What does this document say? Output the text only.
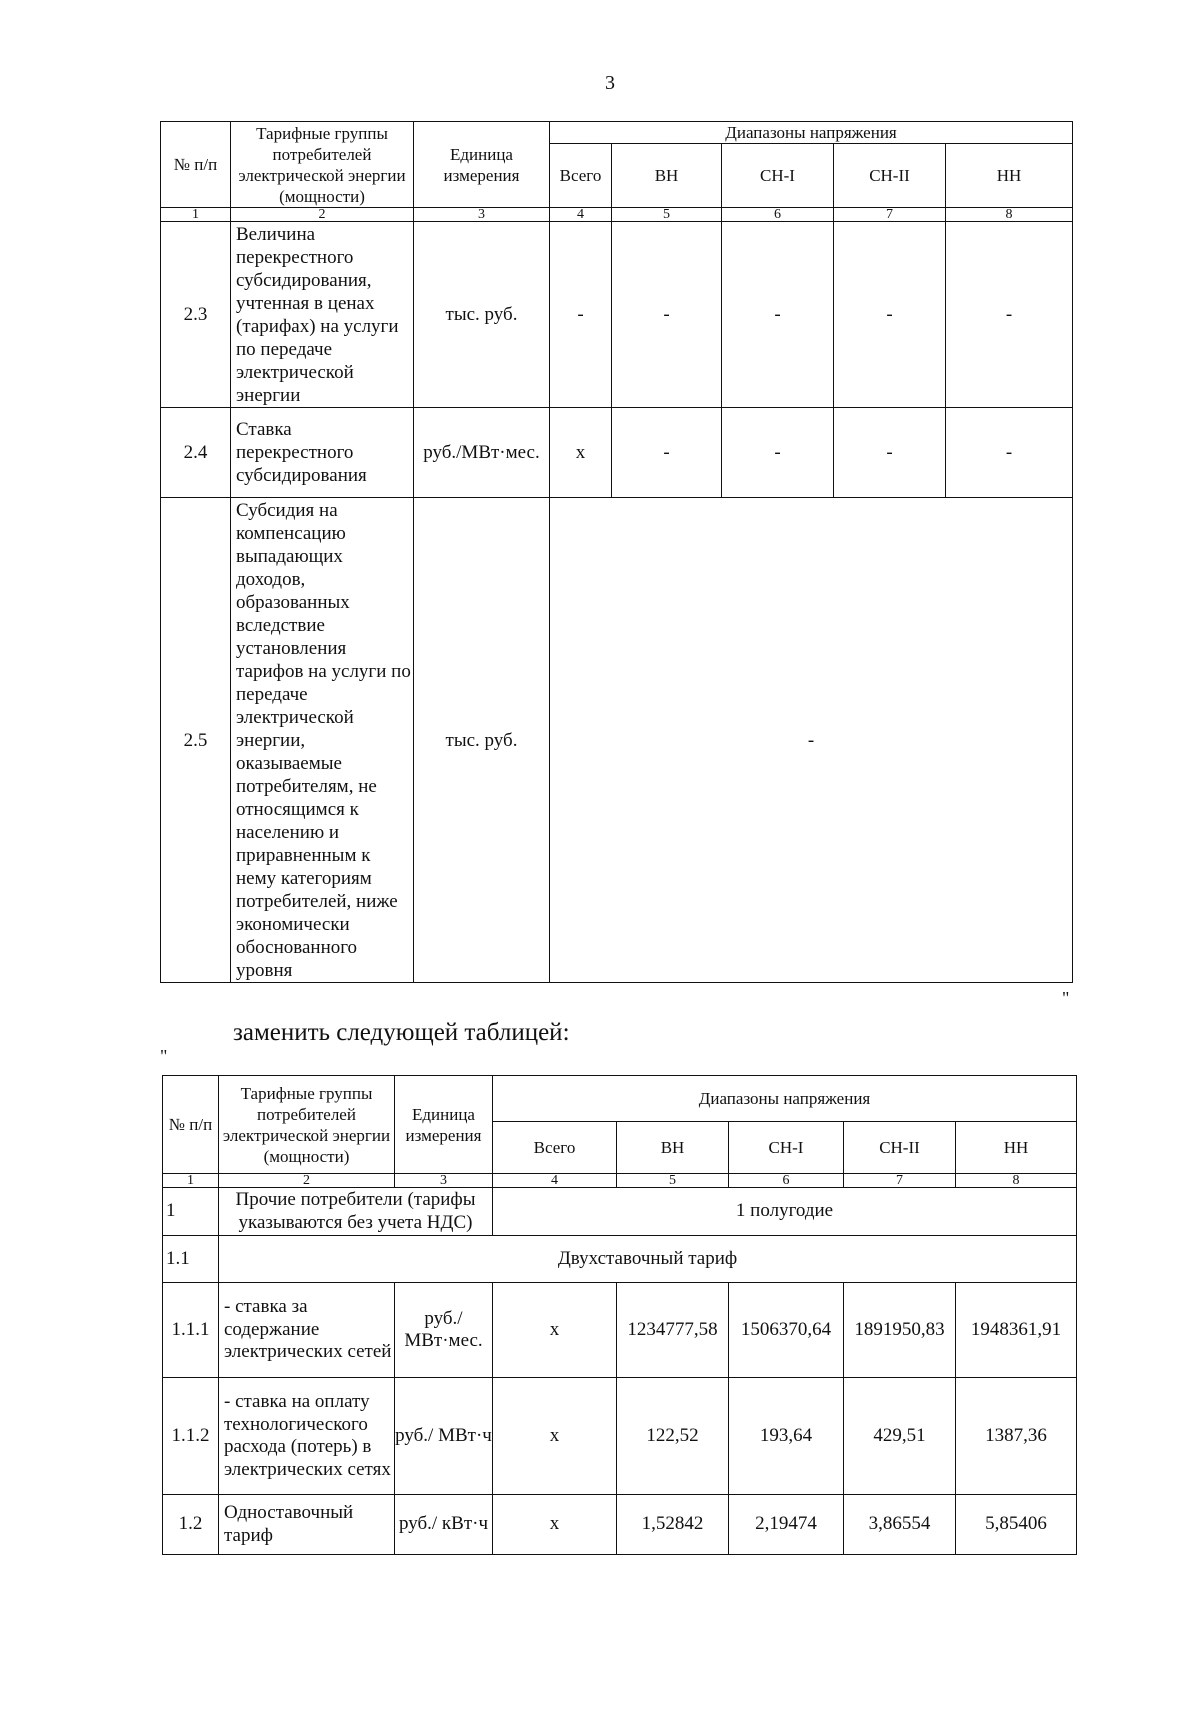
3
№ п/п	Тарифные группы потребителей электрической энергии (мощности)	Единица измерения	Диапазоны напряжения				
			Всего	ВН	СН-I	СН-II	НН
1	2	3	4	5	6	7	8
2.3	Величина перекрестного субсидирования, учтенная в ценах (тарифах) на услуги по передаче электрической энергии	тыс. руб.	-	-	-	-	-
2.4	Ставка перекрестного субсидирования	руб./МВт·мес.	х	-	-	-	-
2.5	Субсидия на компенсацию выпадающих доходов, образованных вследствие установления тарифов на услуги по передаче электрической энергии, оказываемые потребителям, не относящимся к населению и приравненным к нему категориям потребителей, ниже экономически обоснованного уровня	тыс. руб.	-				
"
заменить следующей таблицей:
"
№ п/п	Тарифные группы потребителей электрической энергии (мощности)	Единица измерения	Диапазоны напряжения				
			Всего	ВН	СН-I	СН-II	НН
1	2	3	4	5	6	7	8
1	Прочие потребители (тарифы указываются без учета НДС)		1 полугодие				
1.1	Двухставочный тариф						
1.1.1	- ставка за содержание электрических сетей	руб./ МВт·мес.	х	1234777,58	1506370,64	1891950,83	1948361,91
1.1.2	- ставка на оплату технологического расхода (потерь) в электрических сетях	руб./ МВт·ч	х	122,52	193,64	429,51	1387,36
1.2	Одноставочный тариф	руб./ кВт·ч	х	1,52842	2,19474	3,86554	5,85406
